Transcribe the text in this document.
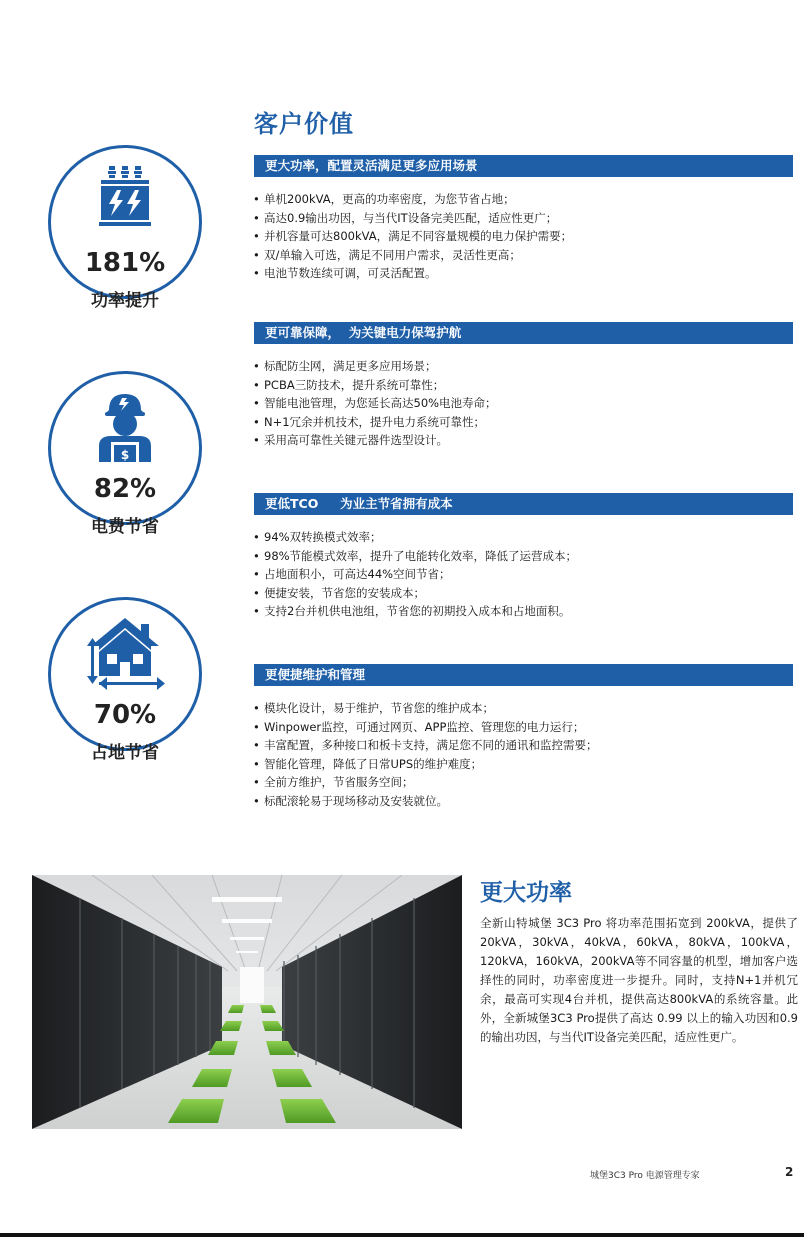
客户价值
181%
功率提升
$
82%
电费节省
70%
占地节省
更大功率，配置灵活满足更多应用场景
• 单机200kVA，更高的功率密度，为您节省占地；
• 高达0.9输出功因，与当代IT设备完美匹配，适应性更广；
• 并机容量可达800kVA，满足不同容量规模的电力保护需要；
• 双/单输入可选，满足不同用户需求，灵活性更高；
• 电池节数连续可调，可灵活配置。
更可靠保障，  为关键电力保驾护航
• 标配防尘网，满足更多应用场景；
• PCBA三防技术，提升系统可靠性；
• 智能电池管理，为您延长高达50%电池寿命；
• N+1冗余并机技术，提升电力系统可靠性；
• 采用高可靠性关键元器件选型设计。
更低TCO     为业主节省拥有成本
• 94%双转换模式效率；
• 98%节能模式效率，提升了电能转化效率，降低了运营成本；
• 占地面积小，可高达44%空间节省；
• 便捷安装，节省您的安装成本；
• 支持2台并机供电池组，节省您的初期投入成本和占地面积。
更便捷维护和管理
• 模块化设计，易于维护，节省您的维护成本；
• Winpower监控，可通过网页、APP监控、管理您的电力运行；
• 丰富配置，多种接口和板卡支持，满足您不同的通讯和监控需要；
• 智能化管理，降低了日常UPS的维护难度；
• 全前方维护，节省服务空间；
• 标配滚轮易于现场移动及安装就位。
更大功率
全新山特城堡 3C3 Pro 将功率范围拓宽到 200kVA，提供了20kVA，30kVA，40kVA，60kVA，80kVA，100kVA，120kVA，160kVA，200kVA等不同容量的机型，增加客户选择性的同时，功率密度进一步提升。同时，支持N+1并机冗余，最高可实现4台并机，提供高达800kVA的系统容量。此外，全新城堡3C3 Pro提供了高达 0.99 以上的输入功因和0.9的输出功因，与当代IT设备完美匹配，适应性更广。
城堡3C3 Pro 电源管理专家	2
